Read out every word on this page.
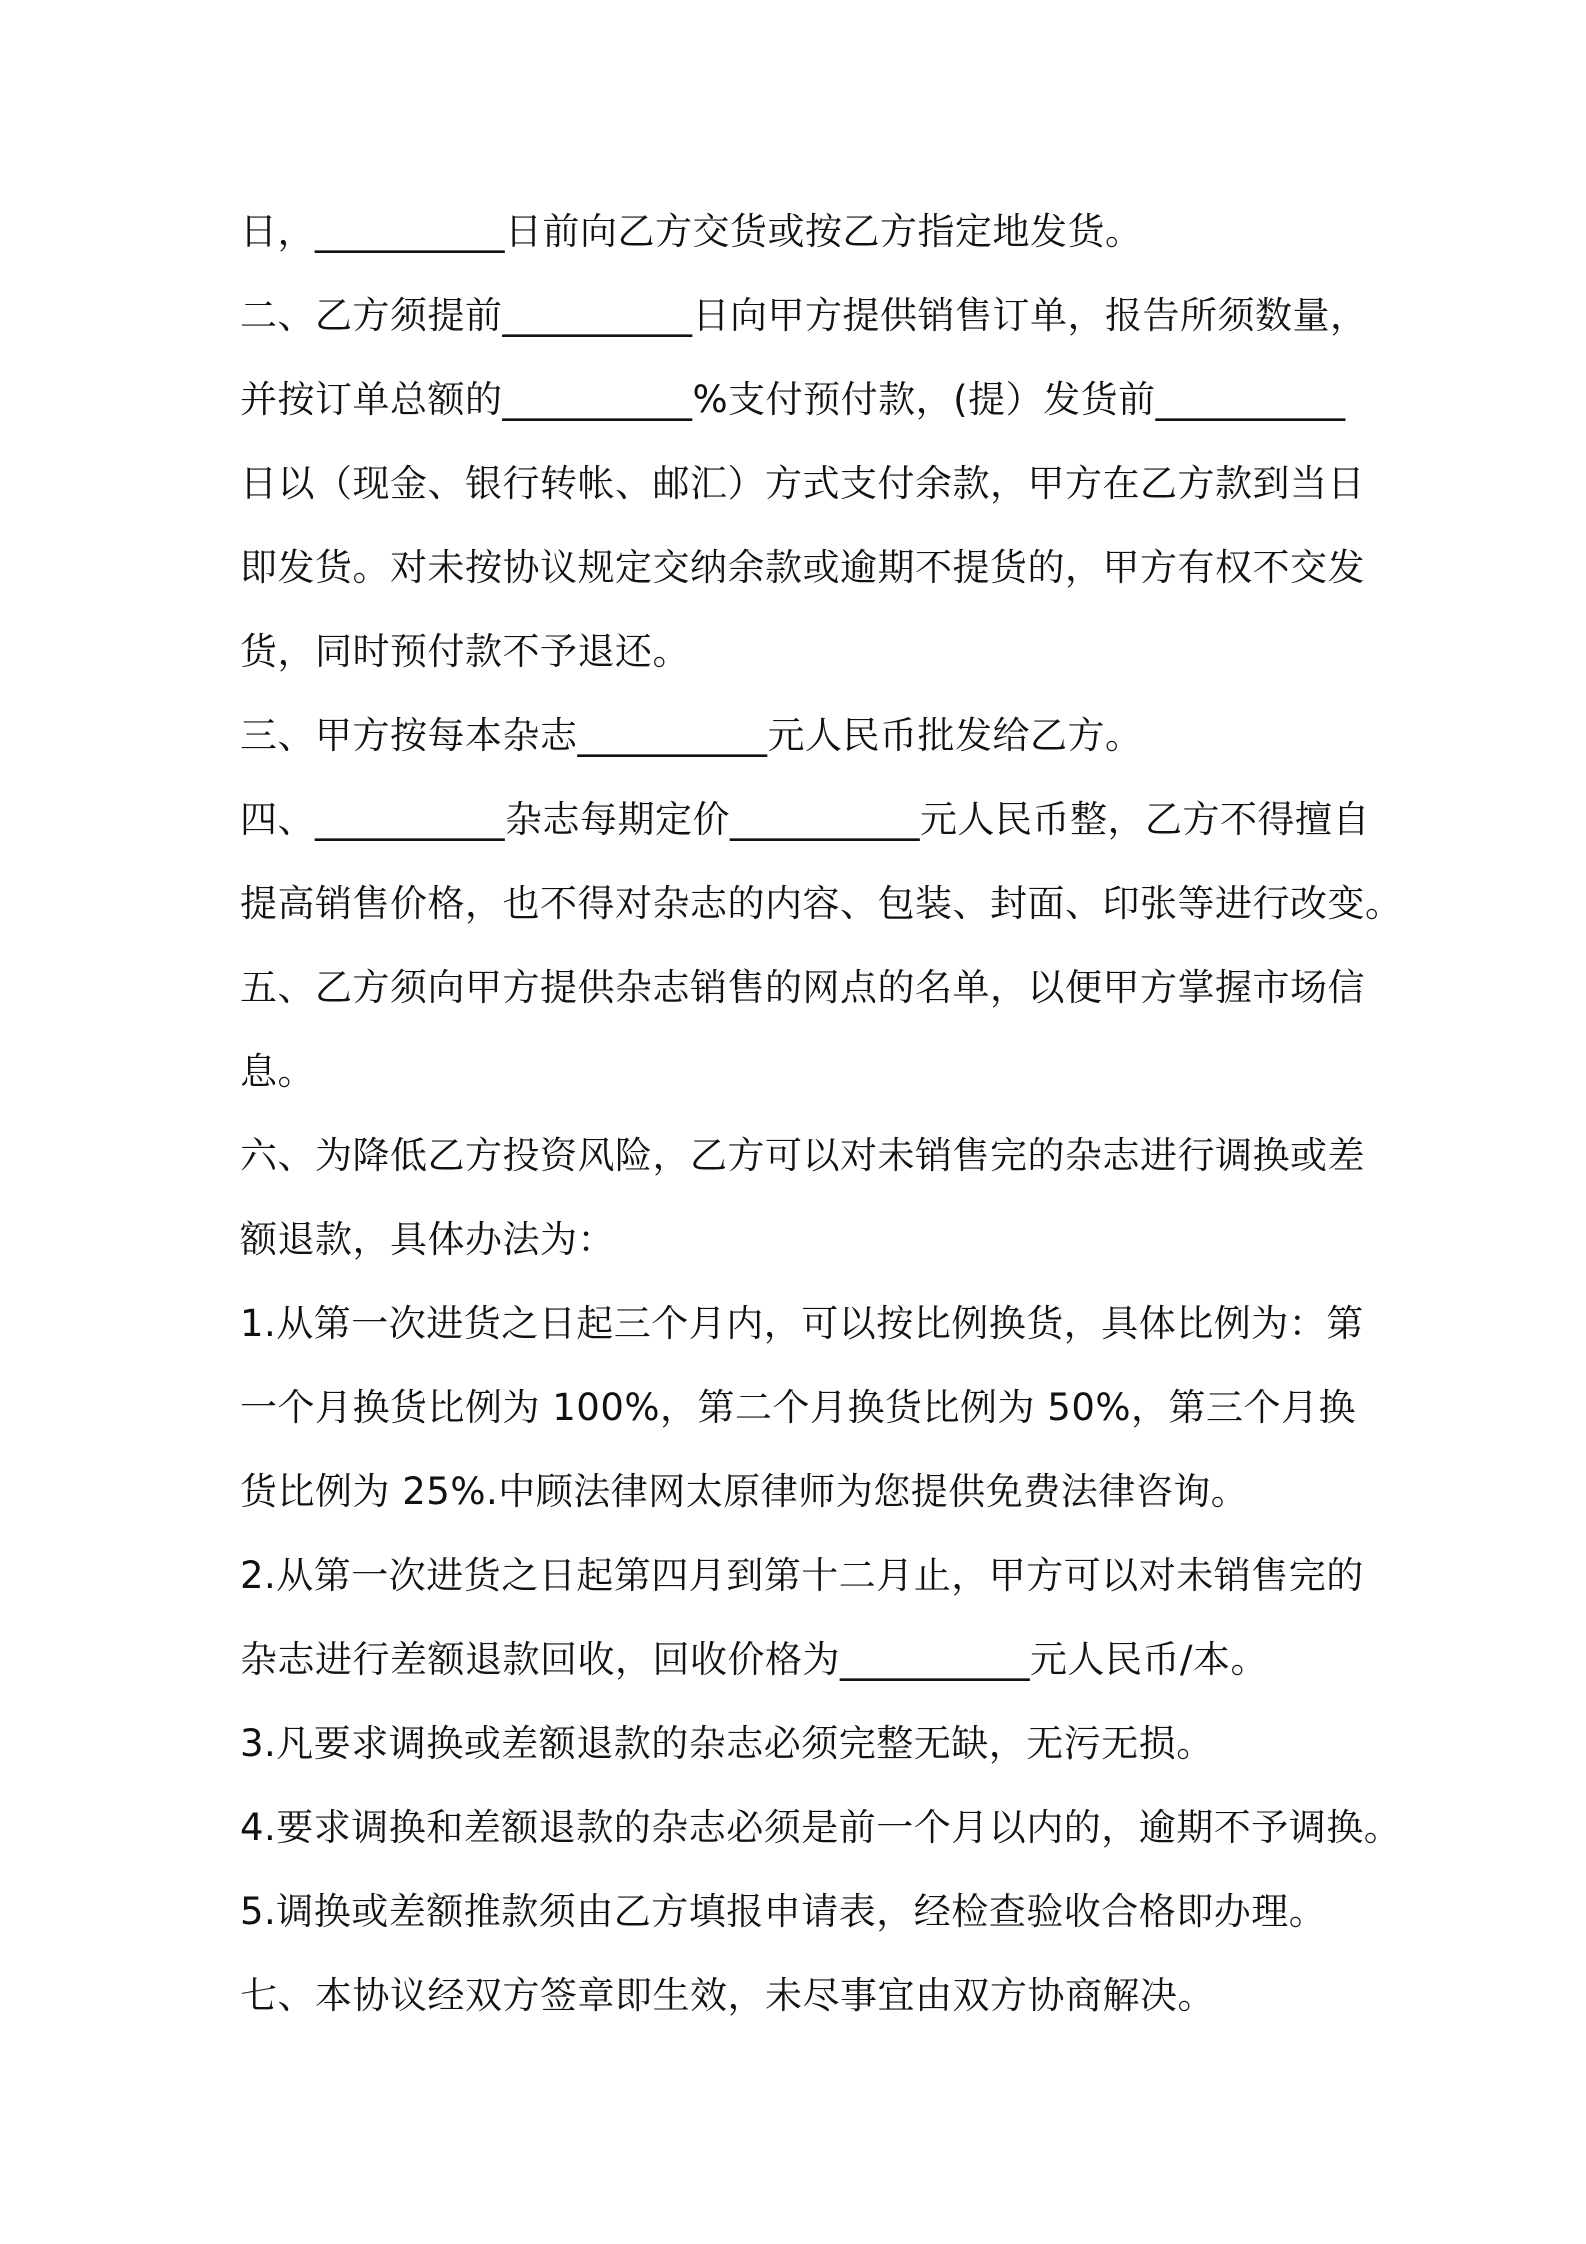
日，__________日前向乙方交货或按乙方指定地发货。
二、乙方须提前__________日向甲方提供销售订单，报告所须数量，
并按订单总额的__________%支付预付款，(提）发货前__________
日以（现金、银行转帐、邮汇）方式支付余款，甲方在乙方款到当日
即发货。对未按协议规定交纳余款或逾期不提货的，甲方有权不交发
货，同时预付款不予退还。
三、甲方按每本杂志__________元人民币批发给乙方。
四、__________杂志每期定价__________元人民币整，乙方不得擅自
提高销售价格，也不得对杂志的内容、包装、封面、印张等进行改变。
五、乙方须向甲方提供杂志销售的网点的名单，以便甲方掌握市场信
息。
六、为降低乙方投资风险，乙方可以对未销售完的杂志进行调换或差
额退款，具体办法为：
1.从第一次进货之日起三个月内，可以按比例换货，具体比例为：第
一个月换货比例为 100%，第二个月换货比例为 50%，第三个月换
货比例为 25%.中顾法律网太原律师为您提供免费法律咨询。
2.从第一次进货之日起第四月到第十二月止，甲方可以对未销售完的
杂志进行差额退款回收，回收价格为__________元人民币/本。
3.凡要求调换或差额退款的杂志必须完整无缺，无污无损。
4.要求调换和差额退款的杂志必须是前一个月以内的，逾期不予调换。
5.调换或差额推款须由乙方填报申请表，经检查验收合格即办理。
七、本协议经双方签章即生效，未尽事宜由双方协商解决。
